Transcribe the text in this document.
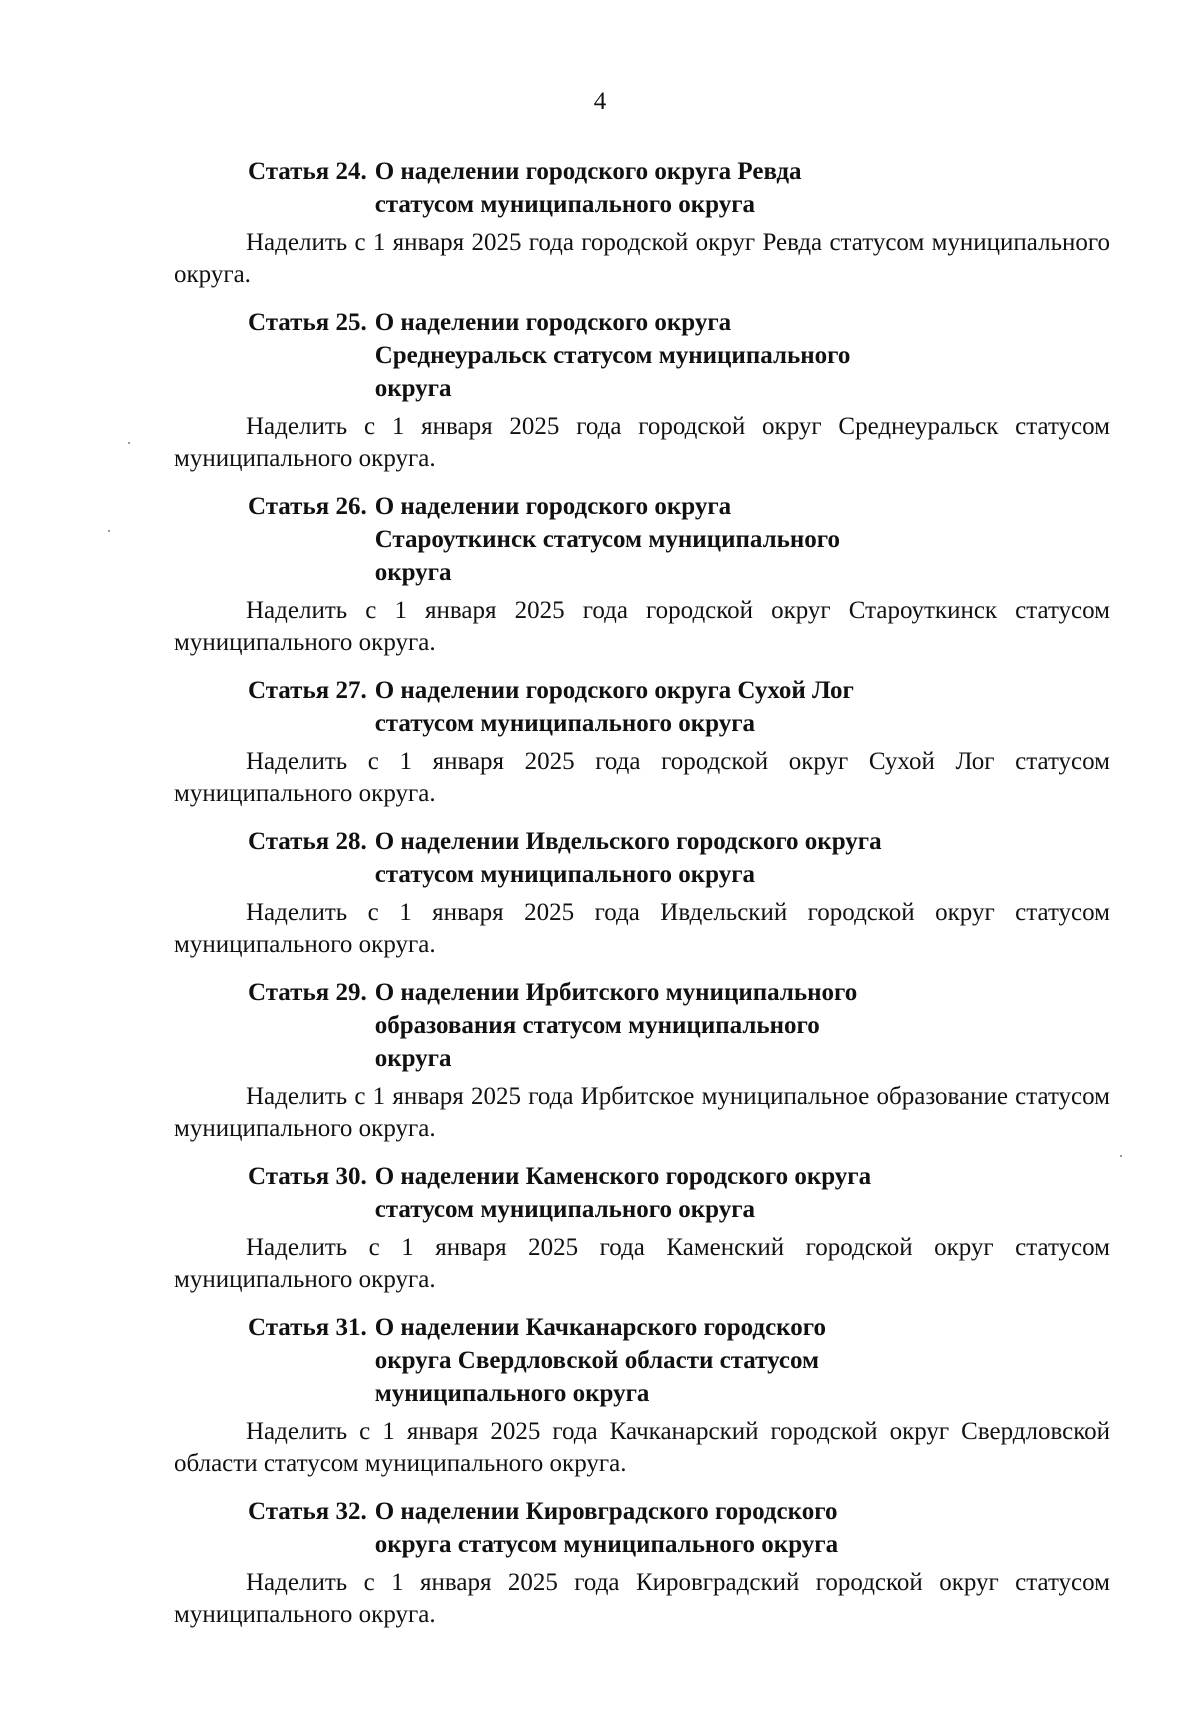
4
Статья 24. О наделении городского округа Ревда статусом муниципального округа

Наделить с 1 января 2025 года городской округ Ревда статусом муниципального округа.

Статья 25. О наделении городского округа Среднеуральск статусом муниципального округа

Наделить с 1 января 2025 года городской округ Среднеуральск статусом муниципального округа.

Статья 26. О наделении городского округа Староуткинск статусом муниципального округа

Наделить с 1 января 2025 года городской округ Староуткинск статусом муниципального округа.

Статья 27. О наделении городского округа Сухой Лог статусом муниципального округа

Наделить с 1 января 2025 года городской округ Сухой Лог статусом муниципального округа.

Статья 28. О наделении Ивдельского городского округа статусом муниципального округа

Наделить с 1 января 2025 года Ивдельский городской округ статусом муниципального округа.

Статья 29. О наделении Ирбитского муниципального образования статусом муниципального округа

Наделить с 1 января 2025 года Ирбитское муниципальное образование статусом муниципального округа.

Статья 30. О наделении Каменского городского округа статусом муниципального округа

Наделить с 1 января 2025 года Каменский городской округ статусом муниципального округа.

Статья 31. О наделении Качканарского городского округа Свердловской области статусом муниципального округа

Наделить с 1 января 2025 года Качканарский городской округ Свердловской области статусом муниципального округа.

Статья 32. О наделении Кировградского городского округа статусом муниципального округа

Наделить с 1 января 2025 года Кировградский городской округ статусом муниципального округа.
